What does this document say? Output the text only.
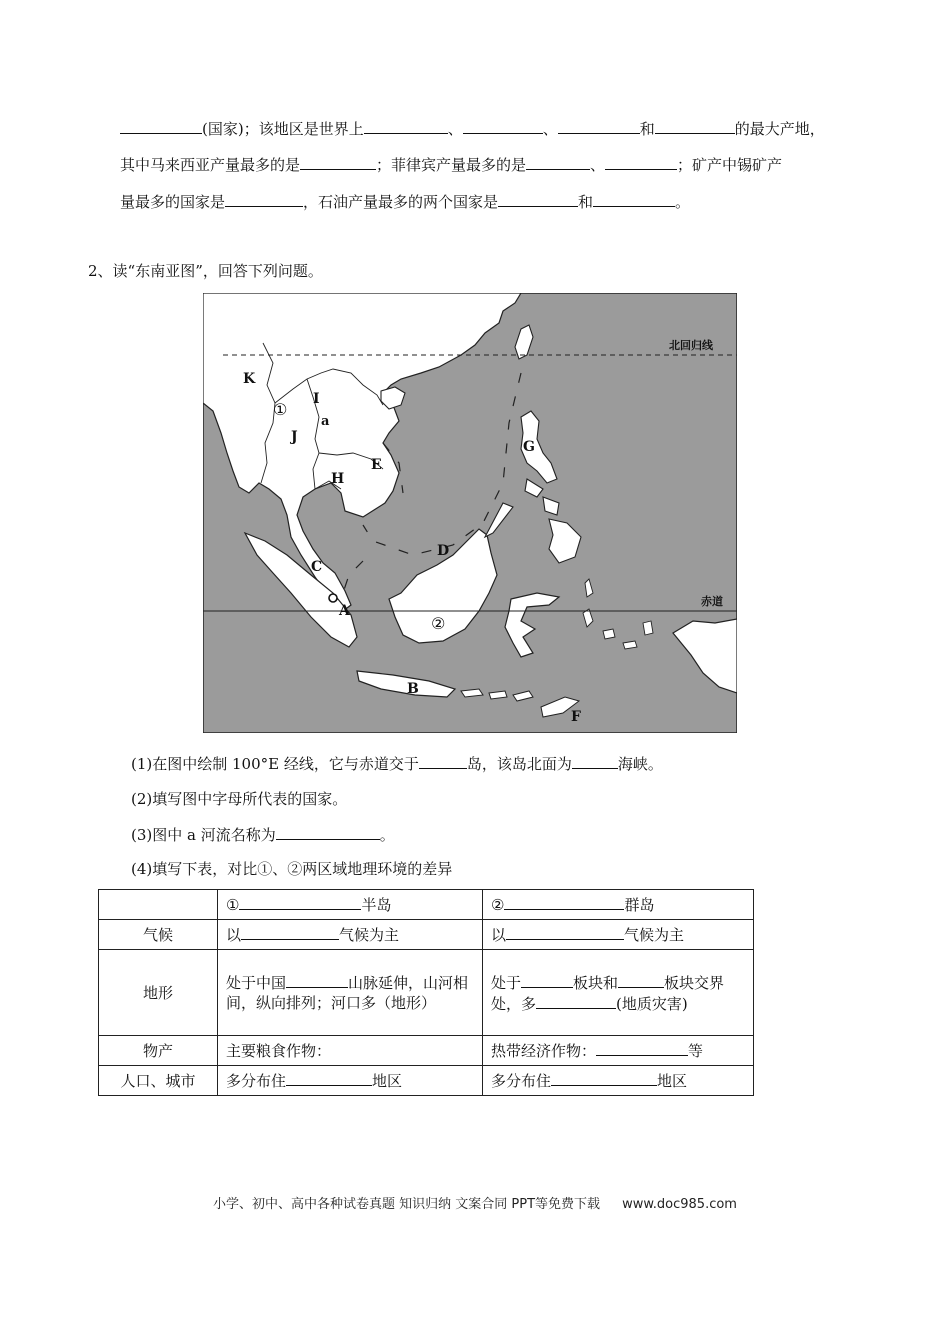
(国家)；该地区是世界上	、	、	和	的最大产地，
其中马来西亚产量最多的是	；菲律宾产量最多的是	、	；矿产中锡矿产
量最多的国家是	，石油产量最多的两个国家是	和	。
2、读“东南亚图”，回答下列问题。
北回归线
赤道
K
①
I
J
a
H
E
G
D
C
A
②
B
F
(1)在图中绘制 100°E 经线，它与赤道交于	岛，该岛北面为	海峡。
(2)填写图中字母所代表的国家。
(3)图中 a 河流名称为	。
(4)填写下表，对比①、②两区域地理环境的差异
	① 半岛	② 群岛
气候	以 气候为主	以 气候为主
地形	处于中国 山脉延伸，山河相间，纵向排列；河口多（地形）	处于 板块和 板块交界处，多 (地质灾害)
物产	主要粮食作物：	热带经济作物： 等
人口、城市	多分布住 地区	多分布住 地区
小学、初中、高中各种试卷真题 知识归纳 文案合同 PPT等免费下载 www.doc985.com
